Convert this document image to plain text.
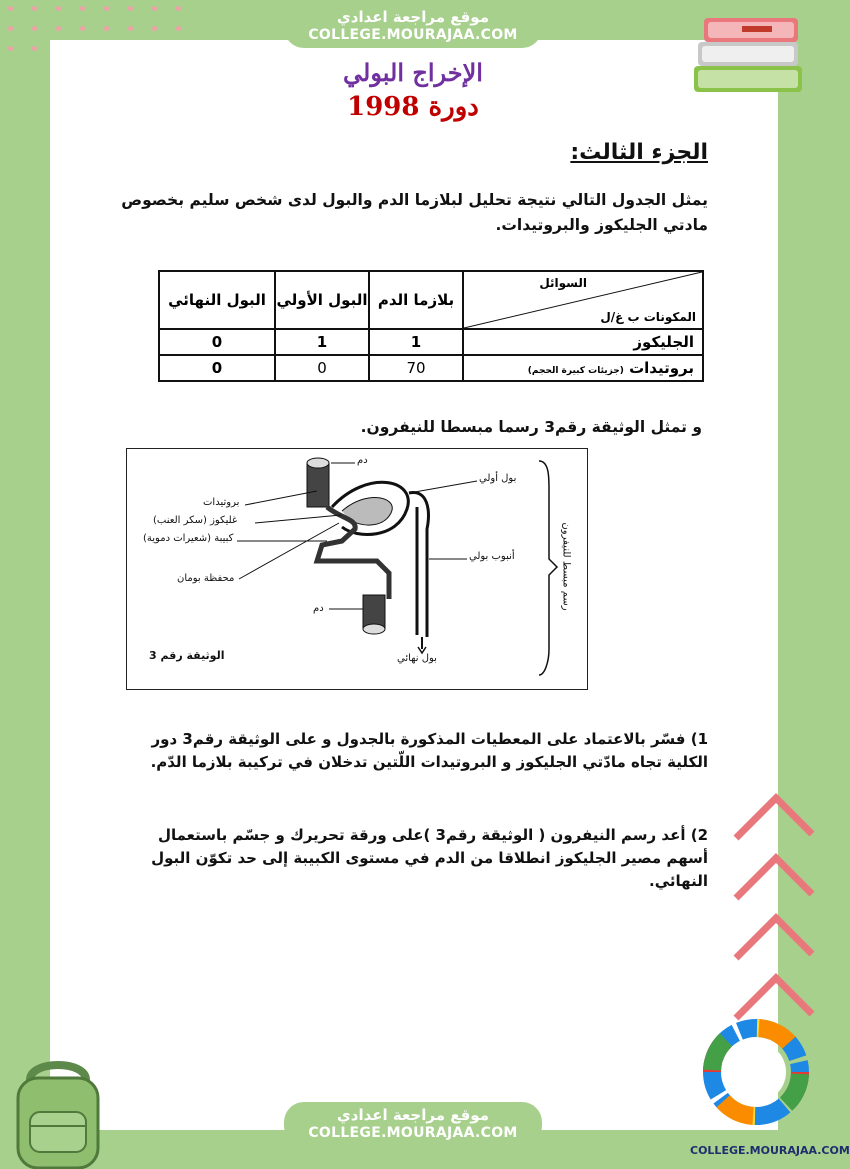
موقع مراجعة اعدادي
COLLEGE.MOURAJAA.COM
الإخراج البولي
دورة 1998
الجزء الثالث:
يمثل الجدول التالي نتيجة تحليل لبلازما الدم والبول لدى شخص سليم بخصوص مادتي الجليكوز والبروتيدات.
السوائل
المكونات ب غ/ل	بلازما الدم	البول الأولي	البول النهائي
الجليكوز	1	1	0
بروتيدات (جزيئات كبيرة الحجم)	70	0	0
و تمثل الوثيقة رقم3 رسما مبسطا للنيفرون.
دم
بروتيدات
غليكوز (سكر العنب)
كبيبة (شعيرات دموية)
محفظة بومان
دم
بول أولي
أنبوب بولي
بول نهائي
رسم مبسط للنيفرون
الوثيقة رقم 3
1) فسّر بالاعتماد على المعطيات المذكورة بالجدول و على الوثيقة رقم3 دور الكلية تجاه مادّتي الجليكوز و البروتيدات اللّتين تدخلان في تركيبة بلازما الدّم.
2) أعد رسم النيفرون ( الوثيقة رقم3 )على ورقة تحريرك و جسّم باستعمال أسهم مصير الجليكوز انطلاقا من الدم في مستوى الكبيبة إلى حد تكوّن البول النهائي.
COLLEGE.MOURAJAA.COM
موقع مراجعة اعدادي
COLLEGE.MOURAJAA.COM
